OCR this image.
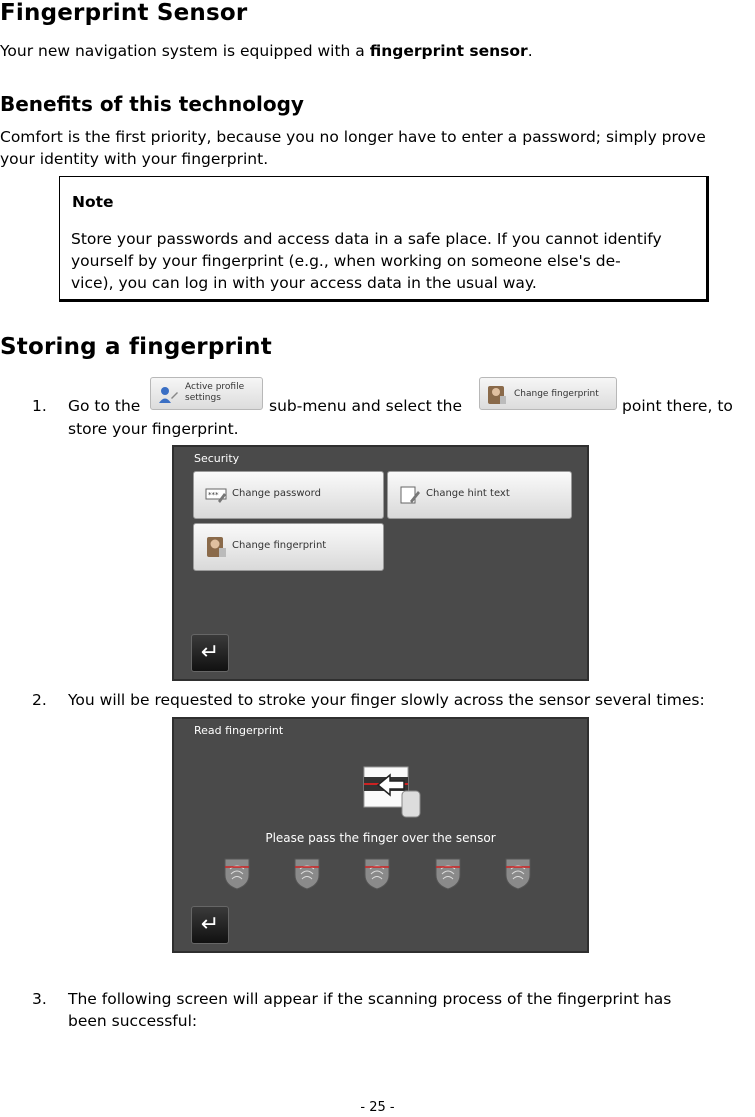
Fingerprint Sensor
Your new navigation system is equipped with a fingerprint sensor.
Benefits of this technology
Comfort is the first priority, because you no longer have to enter a password; simply prove
your identity with your fingerprint.
Note
Store your passwords and access data in a safe place. If you cannot identify
yourself by your fingerprint (e.g., when working on someone else's de-
vice), you can log in with your access data in the usual way.
Storing a fingerprint
1. Go to the
Active profile
settings	sub-menu and select the
Change fingerprint
point there, to
store your fingerprint.
Security
*** Change password	Change hint text
Change fingerprint
↵
2. You will be requested to stroke your finger slowly across the sensor several times:
Read fingerprint
Please pass the finger over the sensor
↵
3. The following screen will appear if the scanning process of the fingerprint has
been successful:
- 25 -
